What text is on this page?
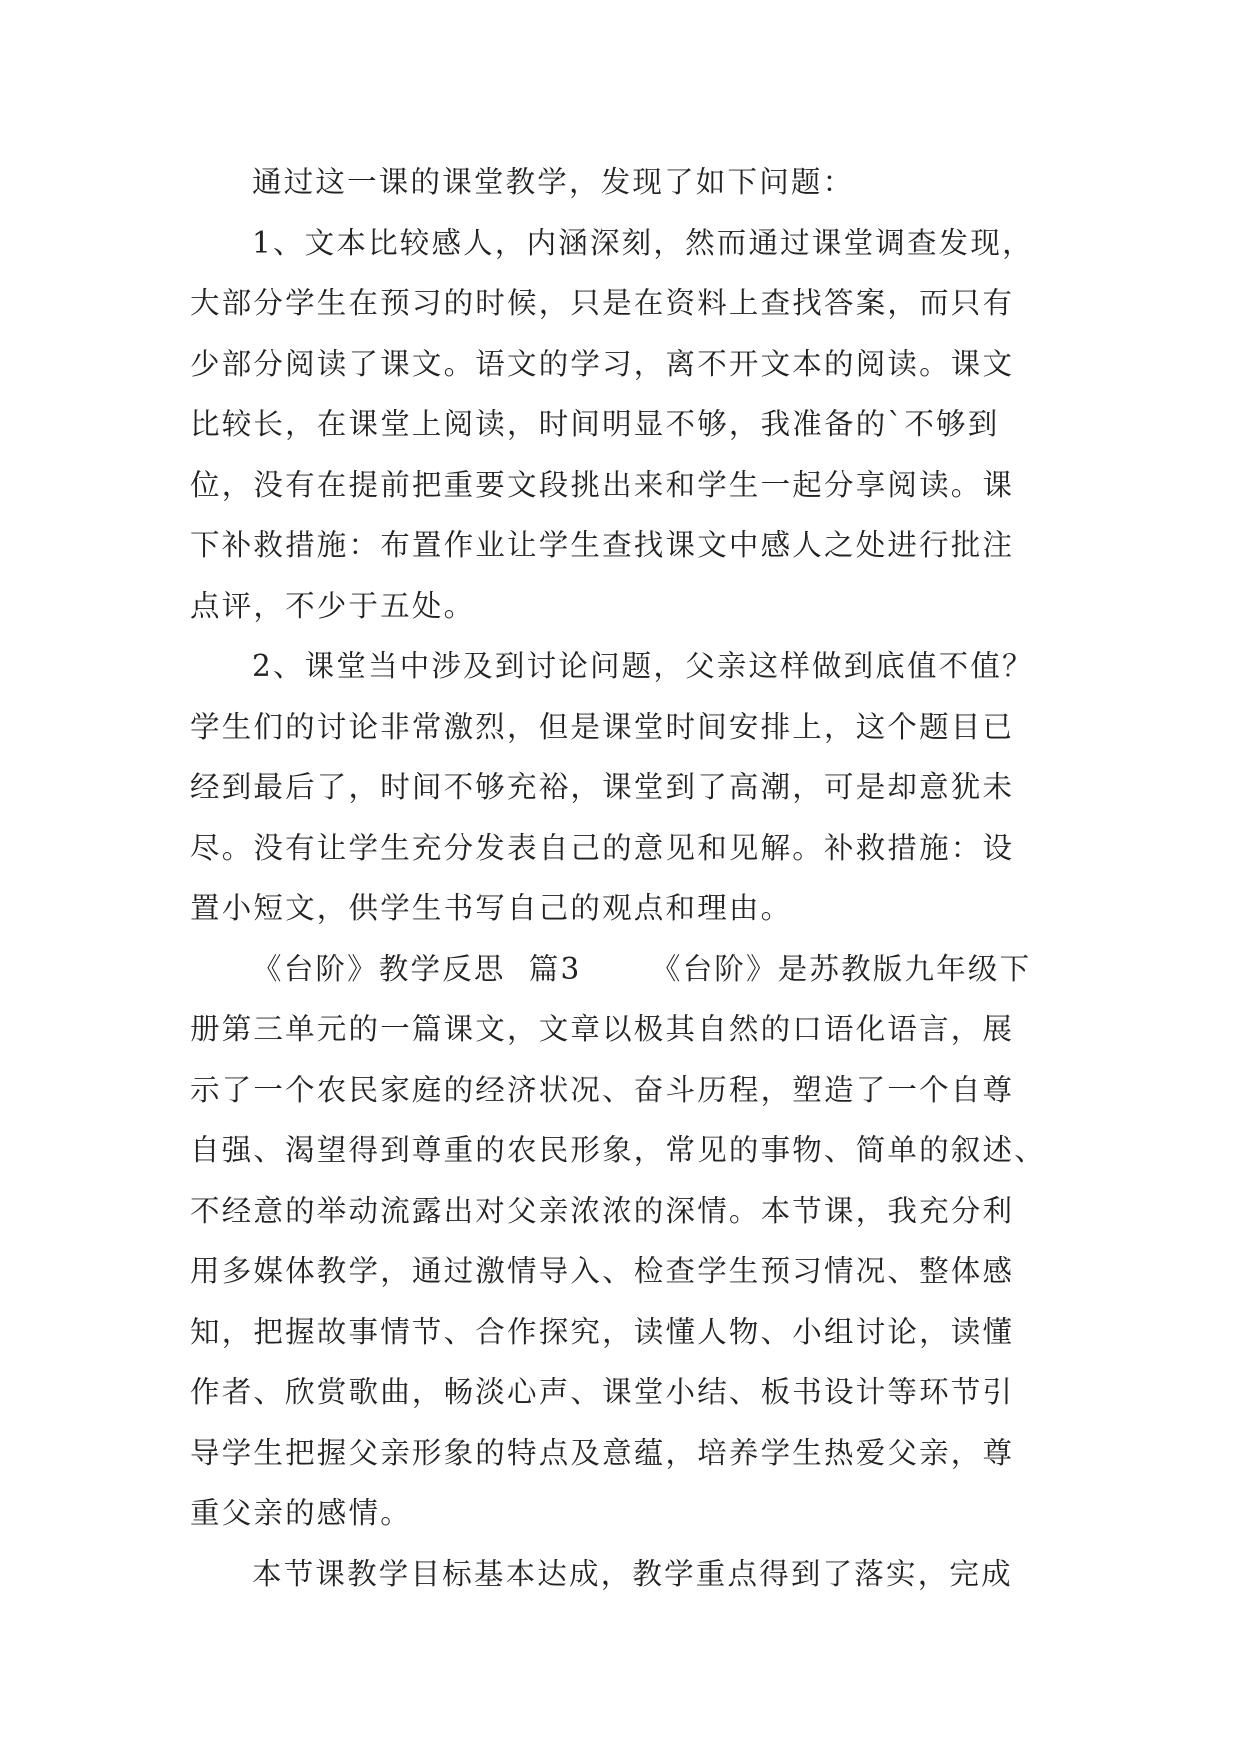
通过这一课的课堂教学，发现了如下问题：
1、文本比较感人，内涵深刻，然而通过课堂调查发现，
大部分学生在预习的时候，只是在资料上查找答案，而只有
少部分阅读了课文。语文的学习，离不开文本的阅读。课文
比较长，在课堂上阅读，时间明显不够，我准备的`不够到
位，没有在提前把重要文段挑出来和学生一起分享阅读。课
下补救措施：布置作业让学生查找课文中感人之处进行批注
点评，不少于五处。
2、课堂当中涉及到讨论问题，父亲这样做到底值不值？
学生们的讨论非常激烈，但是课堂时间安排上，这个题目已
经到最后了，时间不够充裕，课堂到了高潮，可是却意犹未
尽。没有让学生充分发表自己的意见和见解。补救措施：设
置小短文，供学生书写自己的观点和理由。
《台阶》教学反思  篇3      《台阶》是苏教版九年级下
册第三单元的一篇课文，文章以极其自然的口语化语言，展
示了一个农民家庭的经济状况、奋斗历程，塑造了一个自尊
自强、渴望得到尊重的农民形象，常见的事物、简单的叙述、
不经意的举动流露出对父亲浓浓的深情。本节课，我充分利
用多媒体教学，通过激情导入、检查学生预习情况、整体感
知，把握故事情节、合作探究，读懂人物、小组讨论，读懂
作者、欣赏歌曲，畅淡心声、课堂小结、板书设计等环节引
导学生把握父亲形象的特点及意蕴，培养学生热爱父亲，尊
重父亲的感情。
本节课教学目标基本达成，教学重点得到了落实，完成
